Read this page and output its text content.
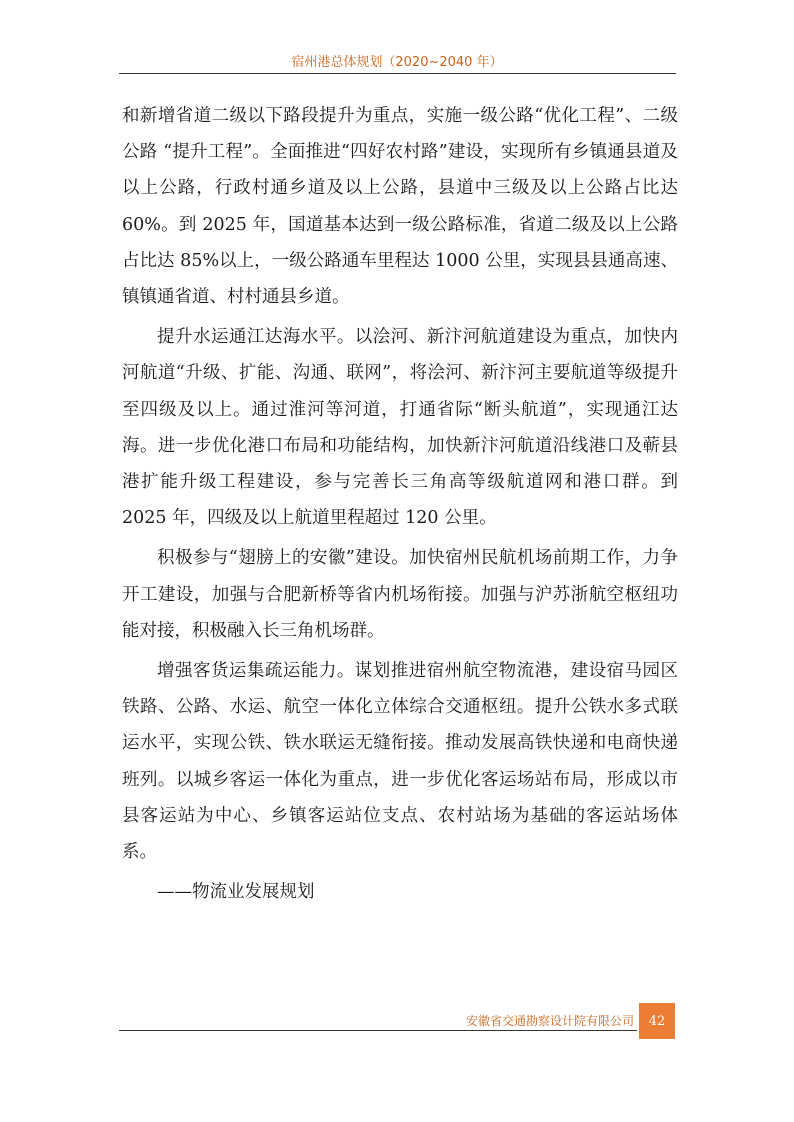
宿州港总体规划（2020~2040 年）

和新增省道二级以下路段提升为重点，实施一级公路“优化工程”、二级公路 “提升工程”。全面推进“四好农村路”建设，实现所有乡镇通县道及以上公路，行政村通乡道及以上公路，县道中三级及以上公路占比达 60%。到 2025 年，国道基本达到一级公路标准，省道二级及以上公路占比达 85%以上，一级公路通车里程达 1000 公里，实现县县通高速、镇镇通省道、村村通县乡道。

提升水运通江达海水平。以浍河、新汴河航道建设为重点，加快内河航道“升级、扩能、沟通、联网”，将浍河、新汴河主要航道等级提升至四级及以上。通过淮河等河道，打通省际“断头航道”，实现通江达海。进一步优化港口布局和功能结构，加快新汴河航道沿线港口及蕲县港扩能升级工程建设，参与完善长三角高等级航道网和港口群。到 2025 年，四级及以上航道里程超过 120 公里。

积极参与“翅膀上的安徽”建设。加快宿州民航机场前期工作，力争开工建设，加强与合肥新桥等省内机场衔接。加强与沪苏浙航空枢纽功能对接，积极融入长三角机场群。

增强客货运集疏运能力。谋划推进宿州航空物流港，建设宿马园区铁路、公路、水运、航空一体化立体综合交通枢纽。提升公铁水多式联运水平，实现公铁、铁水联运无缝衔接。推动发展高铁快递和电商快递班列。以城乡客运一体化为重点，进一步优化客运场站布局，形成以市县客运站为中心、乡镇客运站位支点、农村站场为基础的客运站场体系。

——物流业发展规划

安徽省交通勘察设计院有限公司 42
